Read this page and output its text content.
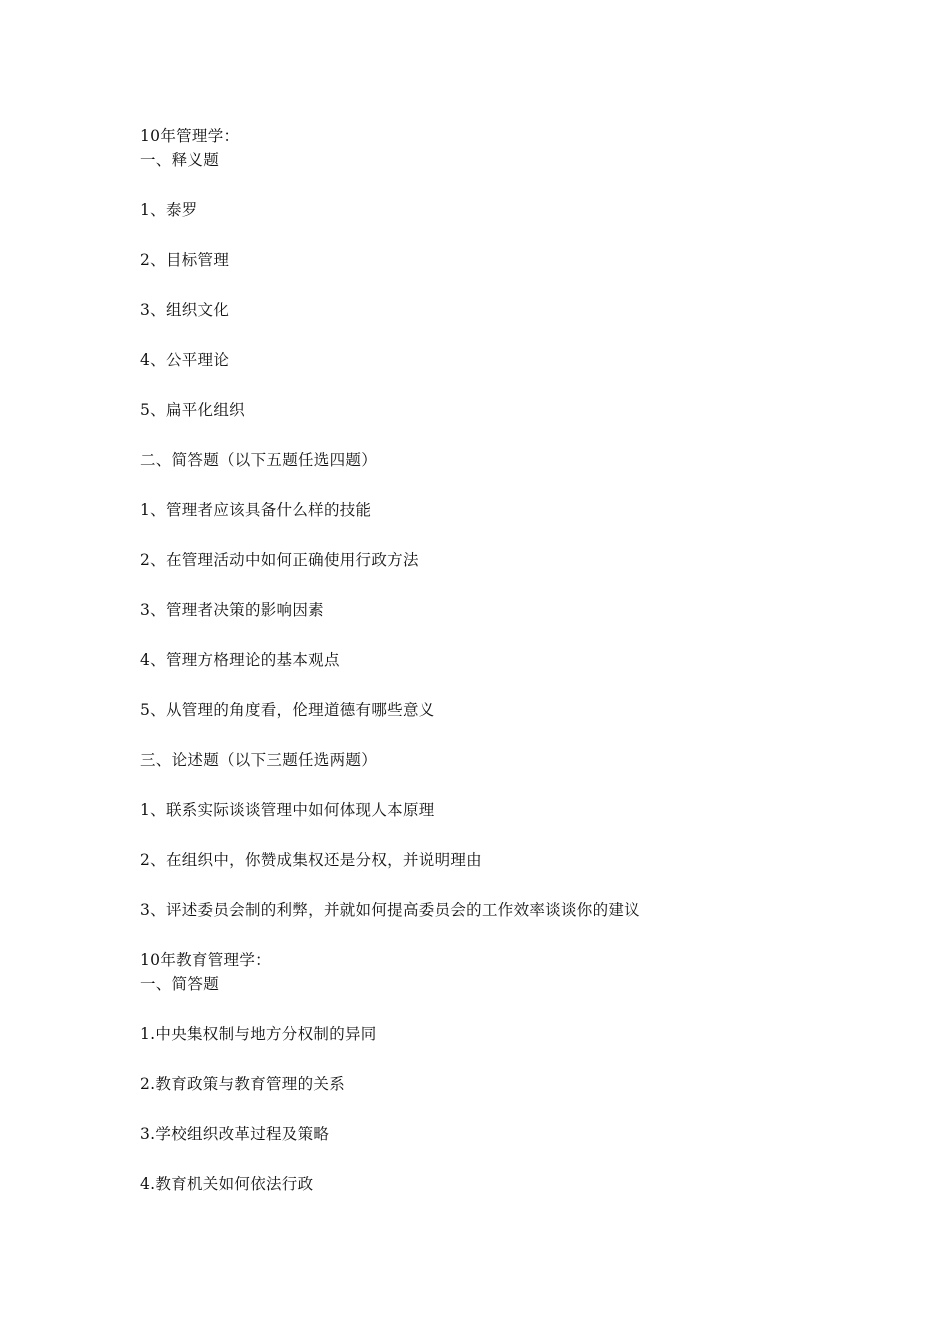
10年管理学：
一、释义题
1、泰罗
2、目标管理
3、组织文化
4、公平理论
5、扁平化组织
二、简答题（以下五题任选四题）
1、管理者应该具备什么样的技能
2、在管理活动中如何正确使用行政方法
3、管理者决策的影响因素
4、管理方格理论的基本观点
5、从管理的角度看，伦理道德有哪些意义
三、论述题（以下三题任选两题）
1、联系实际谈谈管理中如何体现人本原理
2、在组织中，你赞成集权还是分权，并说明理由
3、评述委员会制的利弊，并就如何提高委员会的工作效率谈谈你的建议
10年教育管理学：
一、简答题
1.中央集权制与地方分权制的异同
2.教育政策与教育管理的关系
3.学校组织改革过程及策略
4.教育机关如何依法行政
